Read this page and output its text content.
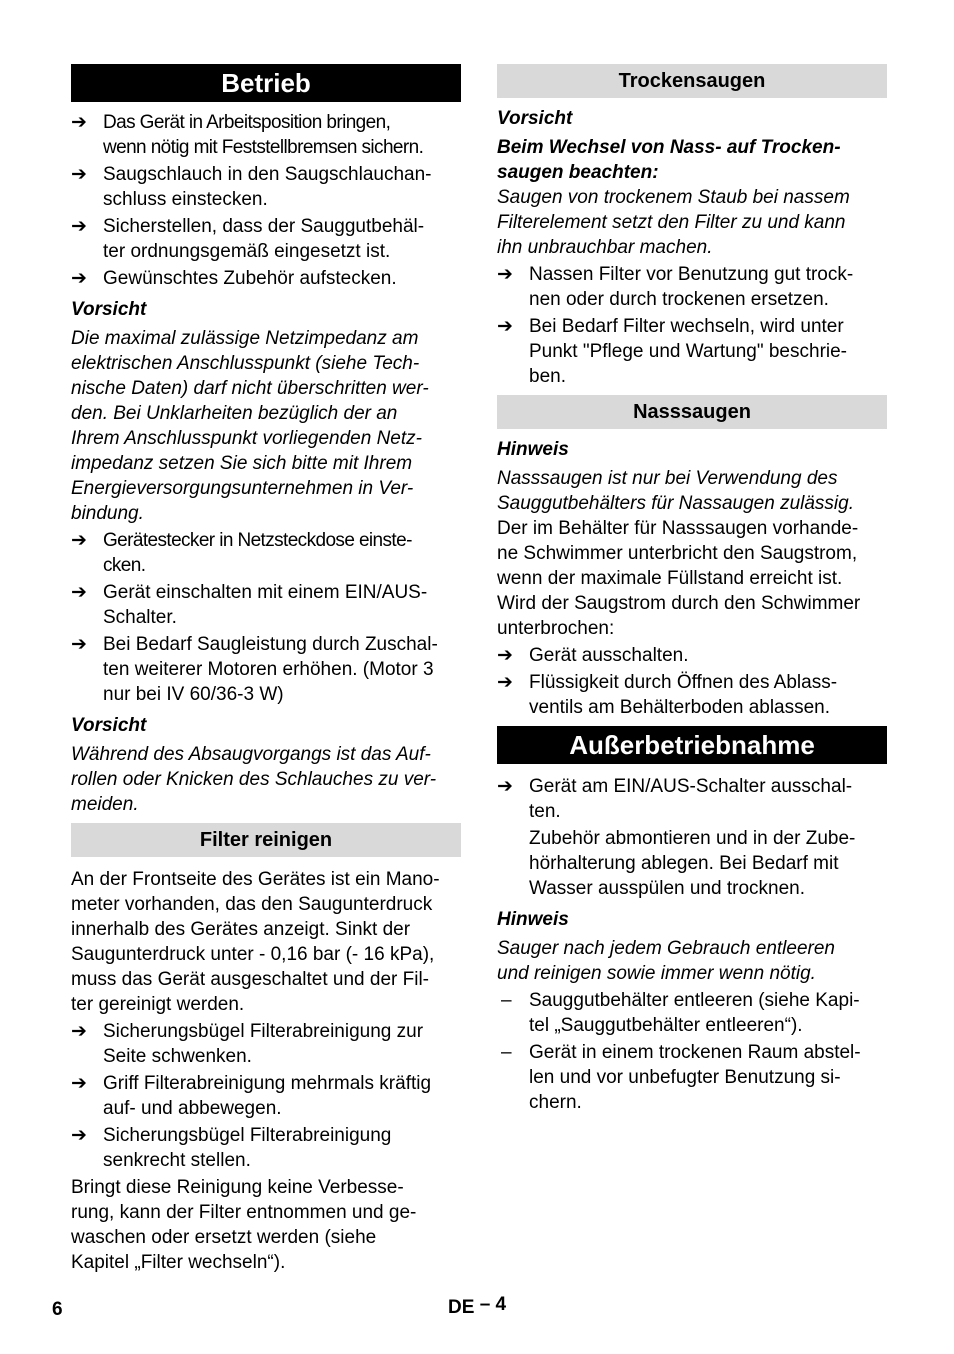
Betrieb
➔ Das Gerät in Arbeitsposition bringen,
wenn nötig mit Feststellbremsen sichern.
➔ Saugschlauch in den Saugschlauchan-
schluss einstecken.
➔ Sicherstellen, dass der Sauggutbehäl-
ter ordnungsgemäß eingesetzt ist.
➔ Gewünschtes Zubehör aufstecken.
Vorsicht
Die maximal zulässige Netzimpedanz am
elektrischen Anschlusspunkt (siehe Tech-
nische Daten) darf nicht überschritten wer-
den. Bei Unklarheiten bezüglich der an
Ihrem Anschlusspunkt vorliegenden Netz-
impedanz setzen Sie sich bitte mit Ihrem
Energieversorgungsunternehmen in Ver-
bindung.
➔ Gerätestecker in Netzsteckdose einste-
cken.
➔ Gerät einschalten mit einem EIN/AUS-
Schalter.
➔ Bei Bedarf Saugleistung durch Zuschal-
ten weiterer Motoren erhöhen. (Motor 3
nur bei IV 60/36-3 W)
Vorsicht
Während des Absaugvorgangs ist das Auf-
rollen oder Knicken des Schlauches zu ver-
meiden.
Filter reinigen
An der Frontseite des Gerätes ist ein Mano-
meter vorhanden, das den Saugunterdruck
innerhalb des Gerätes anzeigt. Sinkt der
Saugunterdruck unter - 0,16 bar (- 16 kPa),
muss das Gerät ausgeschaltet und der Fil-
ter gereinigt werden.
➔ Sicherungsbügel Filterabreinigung zur
Seite schwenken.
➔ Griff Filterabreinigung mehrmals kräftig
auf- und abbewegen.
➔ Sicherungsbügel Filterabreinigung
senkrecht stellen.
Bringt diese Reinigung keine Verbesse-
rung, kann der Filter entnommen und ge-
waschen oder ersetzt werden (siehe
Kapitel „Filter wechseln“).
Trockensaugen
Vorsicht
Beim Wechsel von Nass- auf Trocken-
saugen beachten:
Saugen von trockenem Staub bei nassem
Filterelement setzt den Filter zu und kann
ihn unbrauchbar machen.
➔ Nassen Filter vor Benutzung gut trock-
nen oder durch trockenen ersetzen.
➔ Bei Bedarf Filter wechseln, wird unter
Punkt "Pflege und Wartung" beschrie-
ben.
Nasssaugen
Hinweis
Nasssaugen ist nur bei Verwendung des
Sauggutbehälters für Nassaugen zulässig.
Der im Behälter für Nasssaugen vorhande-
ne Schwimmer unterbricht den Saugstrom,
wenn der maximale Füllstand erreicht ist.
Wird der Saugstrom durch den Schwimmer
unterbrochen:
➔ Gerät ausschalten.
➔ Flüssigkeit durch Öffnen des Ablass-
ventils am Behälterboden ablassen.
Außerbetriebnahme
➔ Gerät am EIN/AUS-Schalter ausschal-
ten.
Zubehör abmontieren und in der Zube-
hörhalterung ablegen. Bei Bedarf mit
Wasser ausspülen und trocknen.
Hinweis
Sauger nach jedem Gebrauch entleeren
und reinigen sowie immer wenn nötig.
– Sauggutbehälter entleeren (siehe Kapi-
tel „Sauggutbehälter entleeren“).
– Gerät in einem trockenen Raum abstel-
len und vor unbefugter Benutzung si-
chern.
6	DE – 4
